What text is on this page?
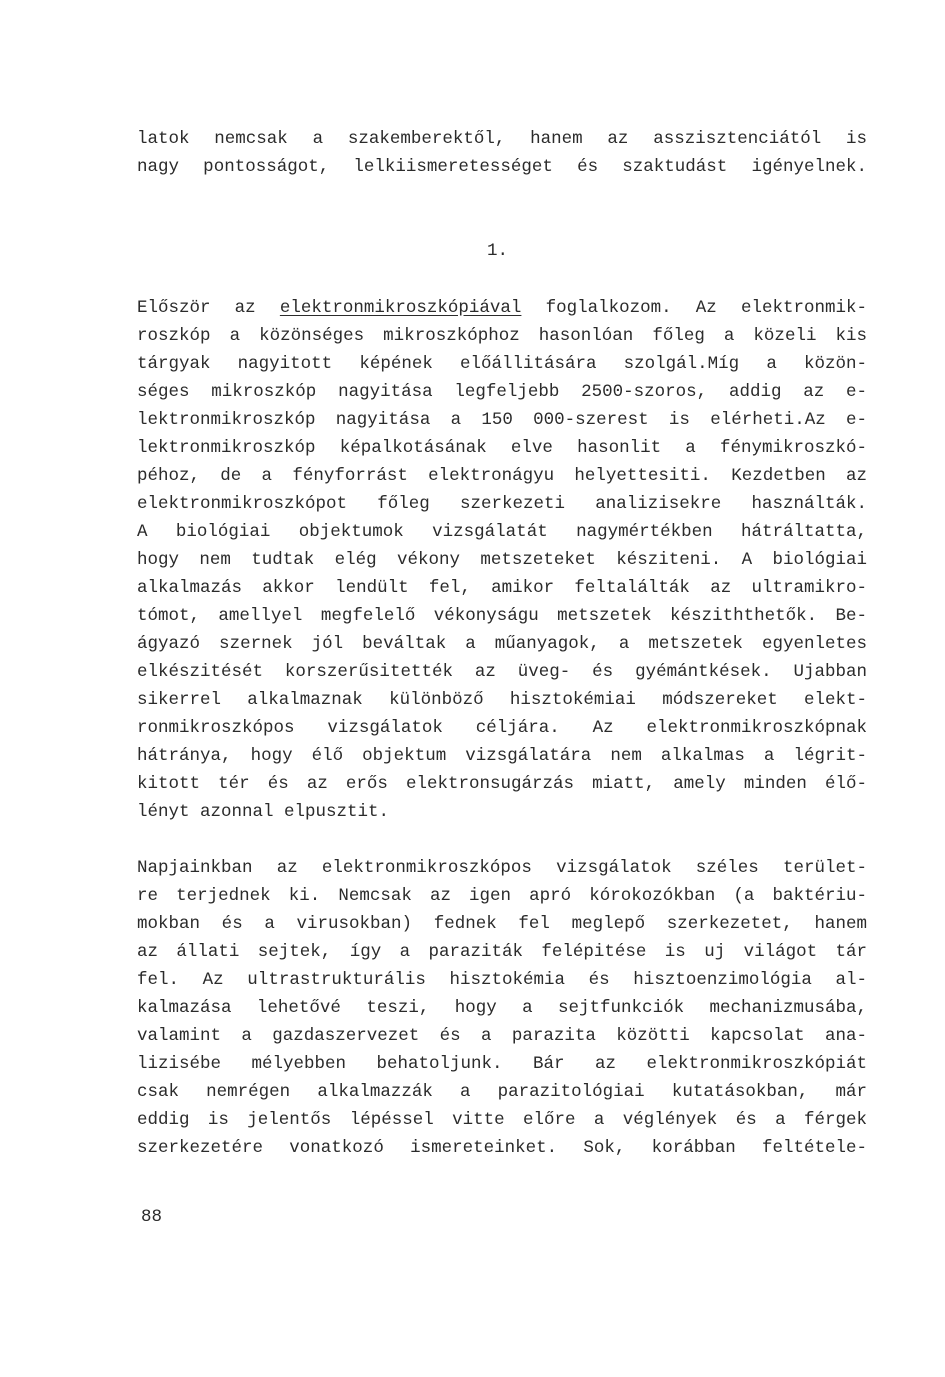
latok nemcsak a szakemberektől, hanem az asszisztenciától is
nagy pontosságot, lelkiismeretességet és szaktudást igényelnek.
1.
Először az elektronmikroszkópiával foglalkozom. Az elektronmik-
roszkóp a közönséges mikroszkóphoz hasonlóan főleg a közeli kis
tárgyak nagyitott képének előállitására szolgál.Míg a közön-
séges mikroszkóp nagyitása legfeljebb 2500-szoros, addig az e-
lektronmikroszkóp nagyitása a 150 000-szerest is elérheti.Az e-
lektronmikroszkóp képalkotásának elve hasonlit a fénymikroszkó-
péhoz, de a fényforrást elektronágyu helyettesiti. Kezdetben az
elektronmikroszkópot főleg szerkezeti analizisekre használták.
A biológiai objektumok vizsgálatát nagymértékben hátráltatta,
hogy nem tudtak elég vékony metszeteket késziteni. A biológiai
alkalmazás akkor lendült fel, amikor feltalálták az ultramikro-
tómot, amellyel megfelelő vékonyságu metszetek késziththetők. Be-
ágyazó szernek jól beváltak a műanyagok, a metszetek egyenletes
elkészitését korszerűsitették az üveg- és gyémántkések. Ujabban
sikerrel alkalmaznak különböző hisztokémiai módszereket elekt-
ronmikroszkópos vizsgálatok céljára. Az elektronmikroszkópnak
hátránya, hogy élő objektum vizsgálatára nem alkalmas a légrit-
kitott tér és az erős elektronsugárzás miatt, amely minden élő-
lényt azonnal elpusztit.
Napjainkban az elektronmikroszkópos vizsgálatok széles terület-
re terjednek ki. Nemcsak az igen apró kórokozókban (a baktériu-
mokban és a virusokban) fednek fel meglepő szerkezetet, hanem
az állati sejtek, így a paraziták felépitése is uj világot tár
fel. Az ultrastrukturális hisztokémia és hisztoenzimológia al-
kalmazása lehetővé teszi, hogy a sejtfunkciók mechanizmusába,
valamint a gazdaszervezet és a parazita közötti kapcsolat ana-
lizisébe mélyebben behatoljunk. Bár az elektronmikroszkópiát
csak nemrégen alkalmazzák a parazitológiai kutatásokban, már
eddig is jelentős lépéssel vitte előre a véglények és a férgek
szerkezetére vonatkozó ismereteinket. Sok, korábban feltétele-
88
